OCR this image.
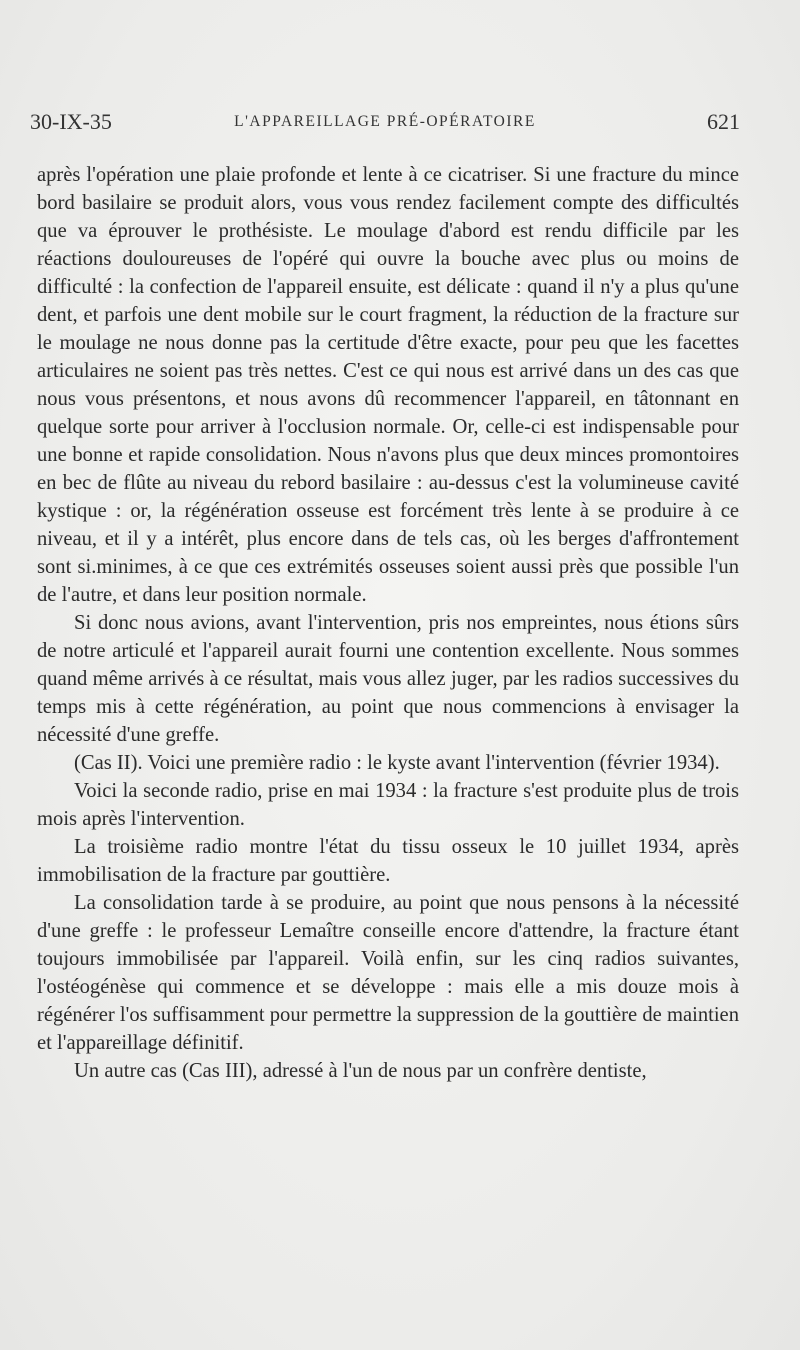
30-IX-35	L'APPAREILLAGE PRÉ-OPÉRATOIRE	621

après l'opération une plaie profonde et lente à ce cicatriser. Si une fracture du mince bord basilaire se produit alors, vous vous rendez facilement compte des difficultés que va éprouver le prothésiste. Le moulage d'abord est rendu difficile par les réactions douloureuses de l'opéré qui ouvre la bouche avec plus ou moins de difficulté : la confection de l'appareil ensuite, est délicate : quand il n'y a plus qu'une dent, et parfois une dent mobile sur le court fragment, la réduction de la fracture sur le moulage ne nous donne pas la certitude d'être exacte, pour peu que les facettes articulaires ne soient pas très nettes. C'est ce qui nous est arrivé dans un des cas que nous vous présentons, et nous avons dû recommencer l'appareil, en tâtonnant en quelque sorte pour arriver à l'occlusion normale. Or, celle-ci est indispensable pour une bonne et rapide consolidation. Nous n'avons plus que deux minces promontoires en bec de flûte au niveau du rebord basilaire : au-dessus c'est la volumineuse cavité kystique : or, la régénération osseuse est forcément très lente à se produire à ce niveau, et il y a intérêt, plus encore dans de tels cas, où les berges d'affrontement sont si.minimes, à ce que ces extrémités osseuses soient aussi près que possible l'un de l'autre, et dans leur position normale.

Si donc nous avions, avant l'intervention, pris nos empreintes, nous étions sûrs de notre articulé et l'appareil aurait fourni une contention excellente. Nous sommes quand même arrivés à ce résultat, mais vous allez juger, par les radios successives du temps mis à cette régénération, au point que nous commencions à envisager la nécessité d'une greffe.

(Cas II). Voici une première radio : le kyste avant l'intervention (février 1934).

Voici la seconde radio, prise en mai 1934 : la fracture s'est produite plus de trois mois après l'intervention.

La troisième radio montre l'état du tissu osseux le 10 juillet 1934, après immobilisation de la fracture par gouttière.

La consolidation tarde à se produire, au point que nous pensons à la nécessité d'une greffe : le professeur Lemaître conseille encore d'attendre, la fracture étant toujours immobilisée par l'appareil. Voilà enfin, sur les cinq radios suivantes, l'ostéogénèse qui commence et se développe : mais elle a mis douze mois à régénérer l'os suffisamment pour permettre la suppression de la gouttière de maintien et l'appareillage définitif.

Un autre cas (Cas III), adressé à l'un de nous par un confrère dentiste,
